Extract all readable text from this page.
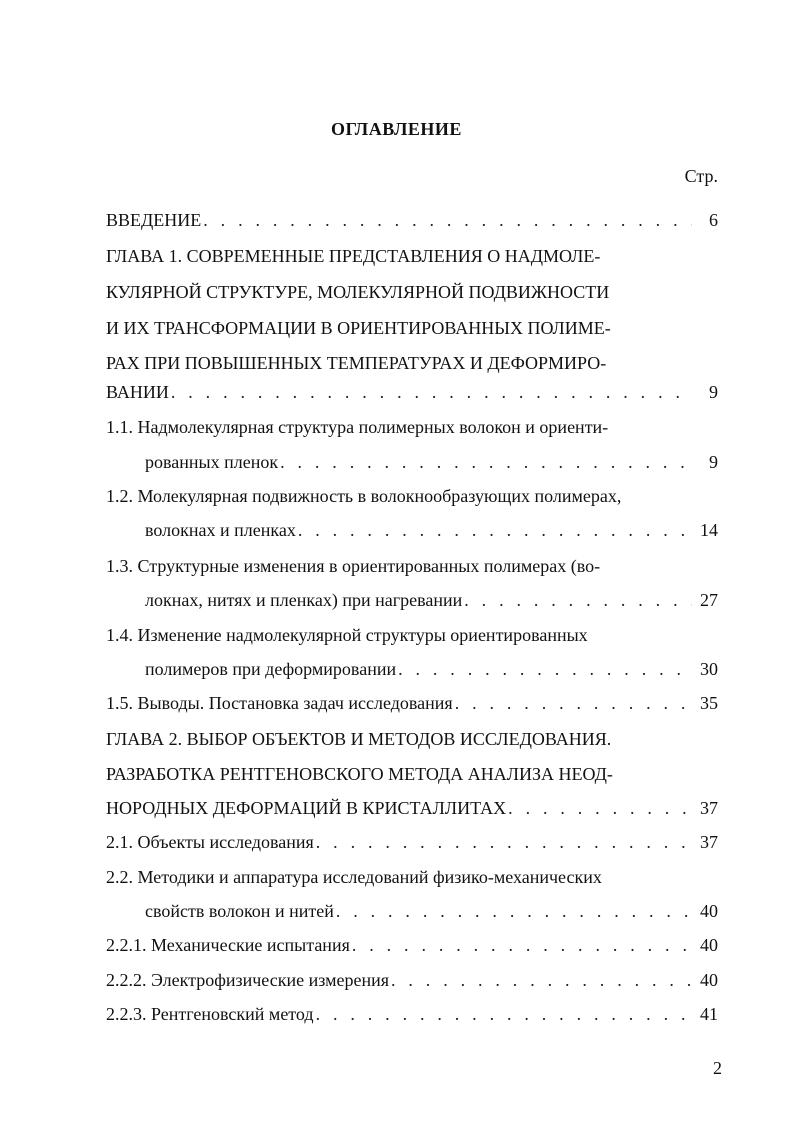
ОГЛАВЛЕНИЕ
Стр.
ВВЕДЕНИЕ . . .	6
ГЛАВА 1. СОВРЕМЕННЫЕ ПРЕДСТАВЛЕНИЯ О НАДМОЛЕ-
КУЛЯРНОЙ СТРУКТУРЕ, МОЛЕКУЛЯРНОЙ ПОДВИЖНОСТИ
И ИХ ТРАНСФОРМАЦИИ В ОРИЕНТИРОВАННЫХ ПОЛИМЕ-
РАХ ПРИ ПОВЫШЕННЫХ ТЕМПЕРАТУРАХ И ДЕФОРМИРО-
ВАНИИ . . .	9
1.1. Надмолекулярная структура полимерных волокон и ориенти-
рованных пленок . . .	9
1.2. Молекулярная подвижность в волокнообразующих полимерах,
волокнах и пленках . . .	14
1.3. Структурные изменения в ориентированных полимерах (во-
локнах, нитях и пленках) при нагревании . . .	27
1.4. Изменение надмолекулярной структуры ориентированных
полимеров при деформировании . . .	30
1.5. Выводы. Постановка задач исследования . . .	35
ГЛАВА 2. ВЫБОР ОБЪЕКТОВ И МЕТОДОВ ИССЛЕДОВАНИЯ.
РАЗРАБОТКА РЕНТГЕНОВСКОГО МЕТОДА АНАЛИЗА НЕОД-
НОРОДНЫХ ДЕФОРМАЦИЙ В КРИСТАЛЛИТАХ . . .	37
2.1. Объекты исследования . . .	37
2.2. Методики и аппаратура исследований физико-механических
свойств волокон и нитей . . .	40
2.2.1. Механические испытания . . .	40
2.2.2. Электрофизические измерения . . .	40
2.2.3. Рентгеновский метод . . .	41
2
